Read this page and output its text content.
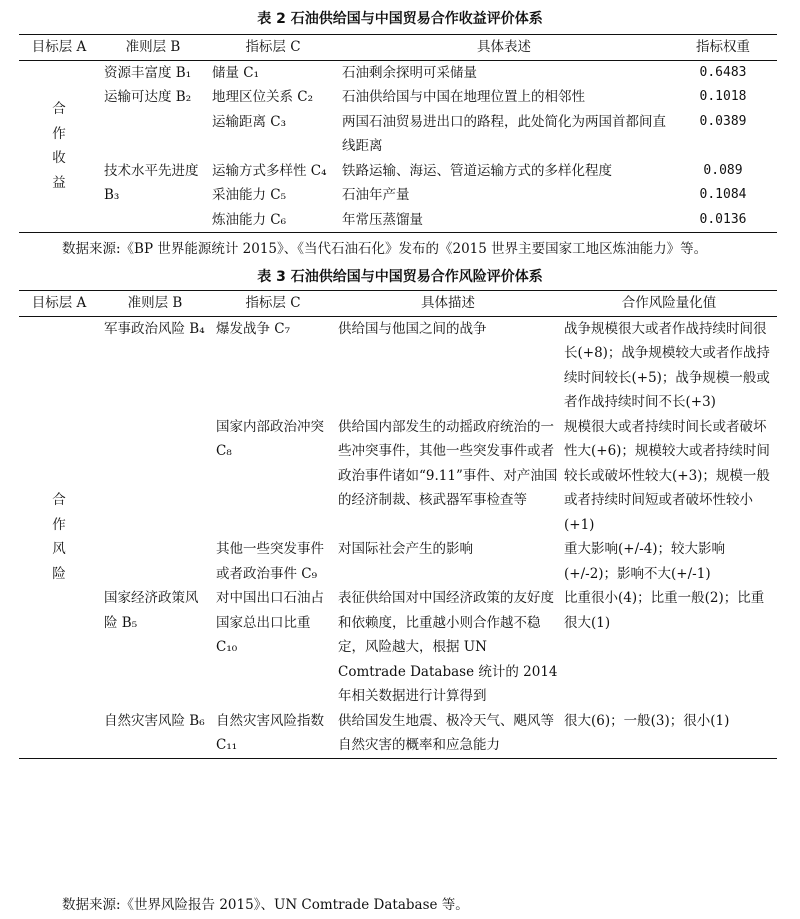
表 2 石油供给国与中国贸易合作收益评价体系
目标层 A	准则层 B	指标层 C	具体表述	指标权重
合作收益	资源丰富度 B₁	储量 C₁	石油剩余探明可采储量	0.6483
	运输可达度 B₂	地理区位关系 C₂	石油供给国与中国在地理位置上的相邻性	0.1018
		运输距离 C₃	两国石油贸易进出口的路程，此处简化为两国首都间直线距离	0.0389
	技术水平先进度 B₃	运输方式多样性 C₄	铁路运输、海运、管道运输方式的多样化程度	0.089
		采油能力 C₅	石油年产量	0.1084
		炼油能力 C₆	年常压蒸馏量	0.0136
数据来源:《BP 世界能源统计 2015》、《当代石油石化》发布的《2015 世界主要国家工地区炼油能力》等。
表 3 石油供给国与中国贸易合作风险评价体系
目标层 A	准则层 B	指标层 C	具体描述	合作风险量化值
合作风险	军事政治风险 B₄	爆发战争 C₇	供给国与他国之间的战争	战争规模很大或者作战持续时间很长(+8)；战争规模较大或者作战持续时间较长(+5)；战争规模一般或者作战持续时间不长(+3)
		国家内部政治冲突 C₈	供给国内部发生的动摇政府统治的一些冲突事件，其他一些突发事件或者政治事件诸如“9.11”事件、对产油国的经济制裁、核武器军事检查等	规模很大或者持续时间长或者破坏性大(+6)；规模较大或者持续时间较长或破坏性较大(+3)；规模一般或者持续时间短或者破坏性较小(+1)
		其他一些突发事件或者政治事件 C₉	对国际社会产生的影响	重大影响(+/-4)；较大影响(+/-2)；影响不大(+/-1)
	国家经济政策风险 B₅	对中国出口石油占国家总出口比重 C₁₀	表征供给国对中国经济政策的友好度和依赖度，比重越小则合作越不稳定，风险越大，根据 UN Comtrade Database 统计的 2014 年相关数据进行计算得到	比重很小(4)；比重一般(2)；比重很大(1)
	自然灾害风险 B₆	自然灾害风险指数 C₁₁	供给国发生地震、极冷天气、飓风等自然灾害的概率和应急能力	很大(6)；一般(3)；很小(1)
数据来源:《世界风险报告 2015》、UN Comtrade Database 等。
